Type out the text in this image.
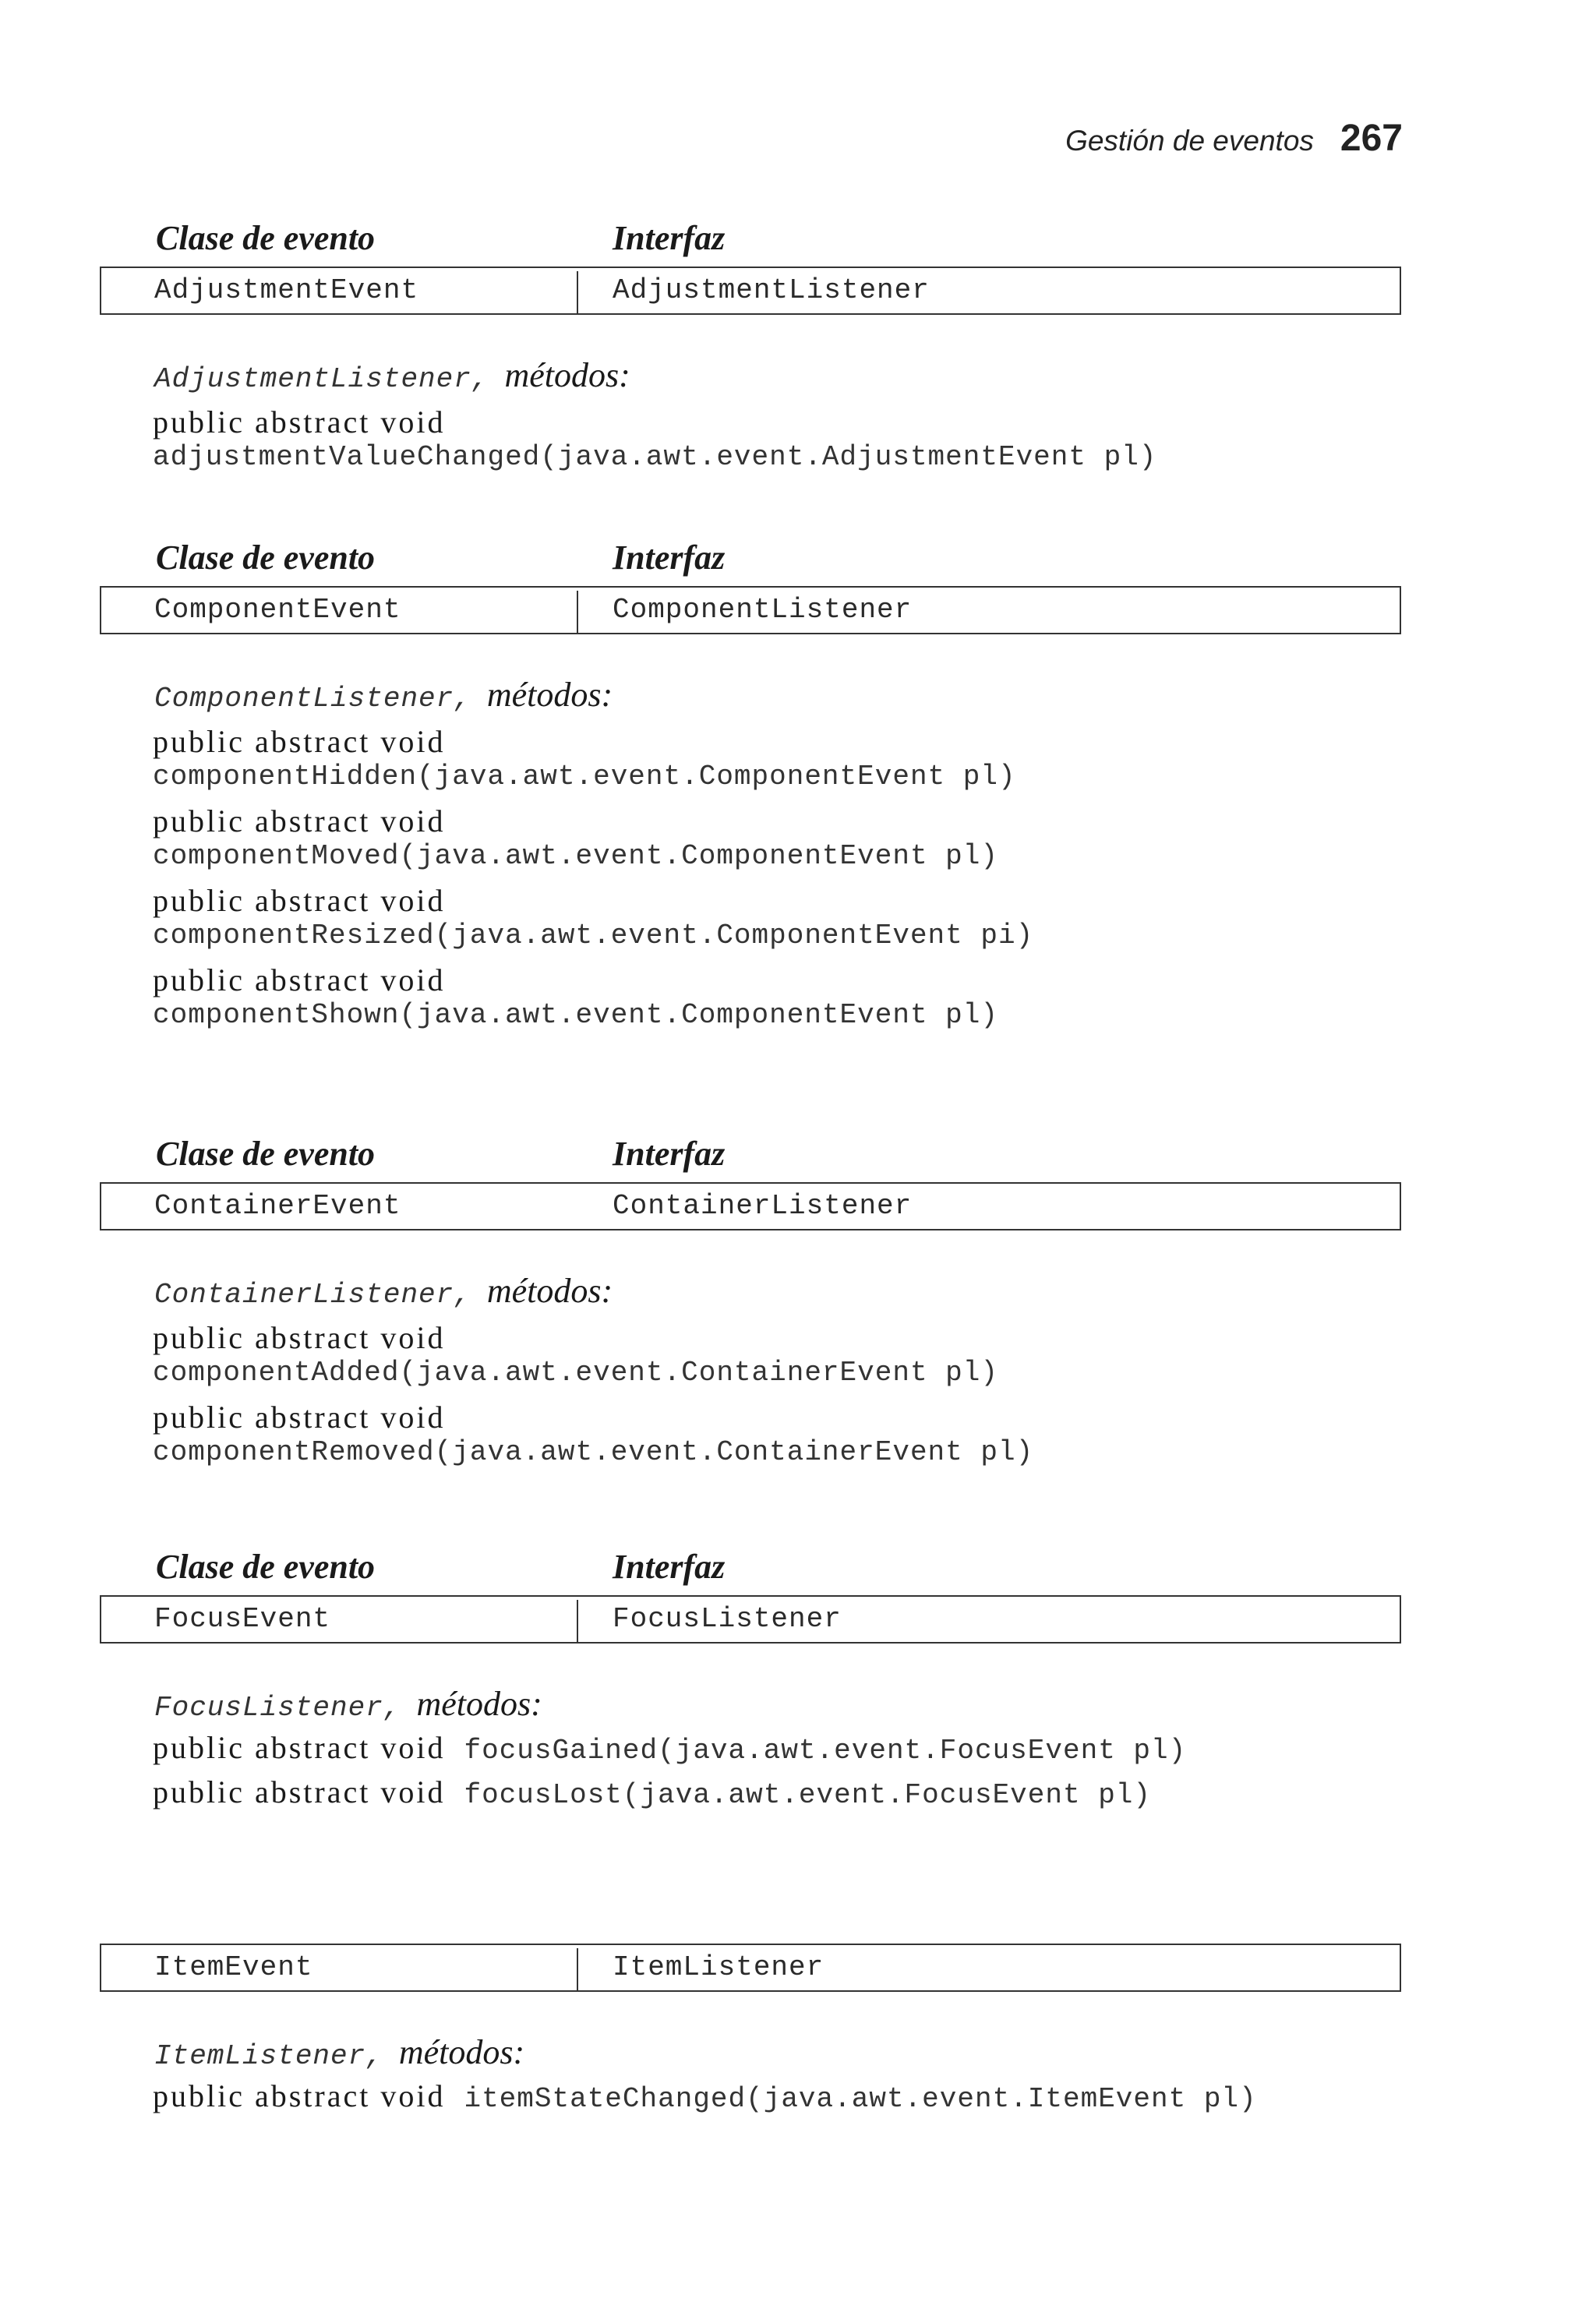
Gestión de eventos 267
Clase de evento	Interfaz
AdjustmentEvent	AdjustmentListener
AdjustmentListener, métodos:
public abstract void
adjustmentValueChanged(java.awt.event.AdjustmentEvent pl)
Clase de evento	Interfaz
ComponentEvent	ComponentListener
ComponentListener, métodos:
public abstract void
componentHidden(java.awt.event.ComponentEvent pl)
public abstract void
componentMoved(java.awt.event.ComponentEvent pl)
public abstract void
componentResized(java.awt.event.ComponentEvent pi)
public abstract void
componentShown(java.awt.event.ComponentEvent pl)
Clase de evento	Interfaz
ContainerEvent	ContainerListener
ContainerListener, métodos:
public abstract void
componentAdded(java.awt.event.ContainerEvent pl)
public abstract void
componentRemoved(java.awt.event.ContainerEvent pl)
Clase de evento	Interfaz
FocusEvent	FocusListener
FocusListener, métodos:
public abstract void focusGained(java.awt.event.FocusEvent pl)
public abstract void focusLost(java.awt.event.FocusEvent pl)
ItemEvent	ItemListener
ItemListener, métodos:
public abstract void itemStateChanged(java.awt.event.ItemEvent pl)
